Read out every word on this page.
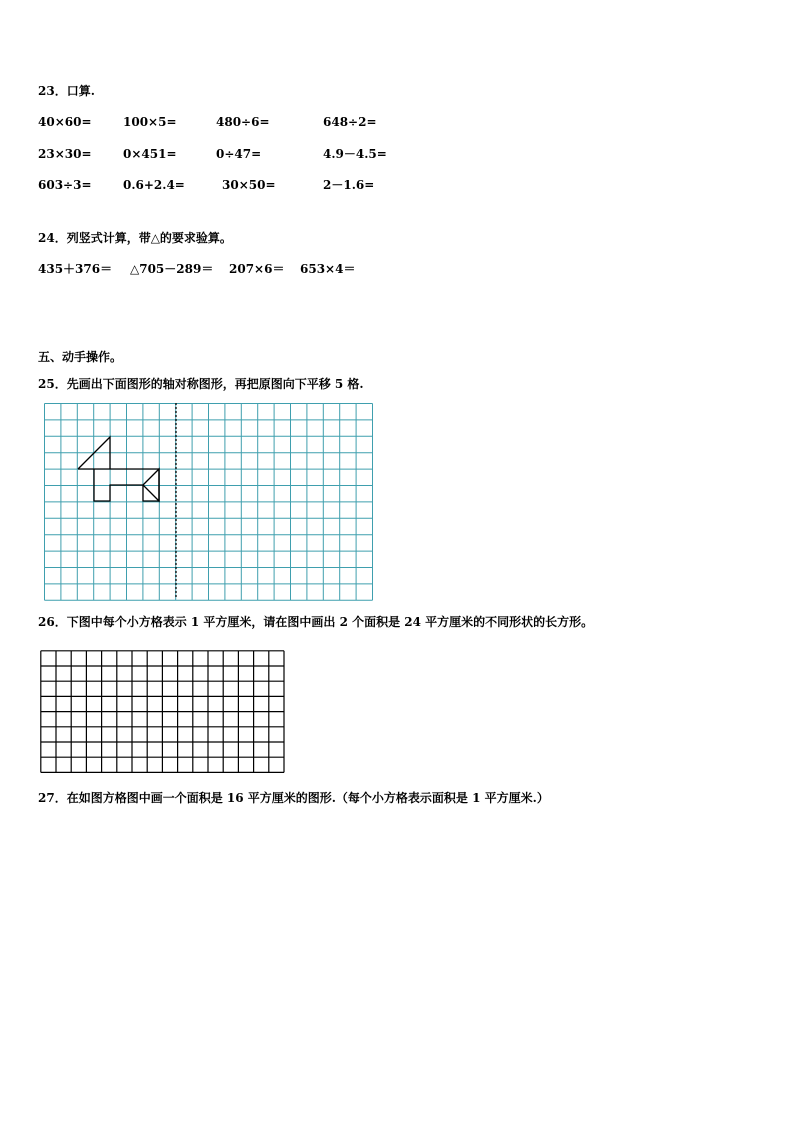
23．口算.
40×60=	100×5=	480÷6=	648÷2=
23×30=	0×451=	0÷47=	4.9－4.5=
603÷3=	0.6+2.4=	30×50=	2－1.6=
24．列竖式计算，带△的要求验算。
435＋376＝ △705－289＝ 207×6＝ 653×4＝
五、动手操作。
25．先画出下面图形的轴对称图形，再把原图向下平移 5 格.
26．下图中每个小方格表示 1 平方厘米，请在图中画出 2 个面积是 24 平方厘米的不同形状的长方形。
27．在如图方格图中画一个面积是 16 平方厘米的图形.（每个小方格表示面积是 1 平方厘米.）
